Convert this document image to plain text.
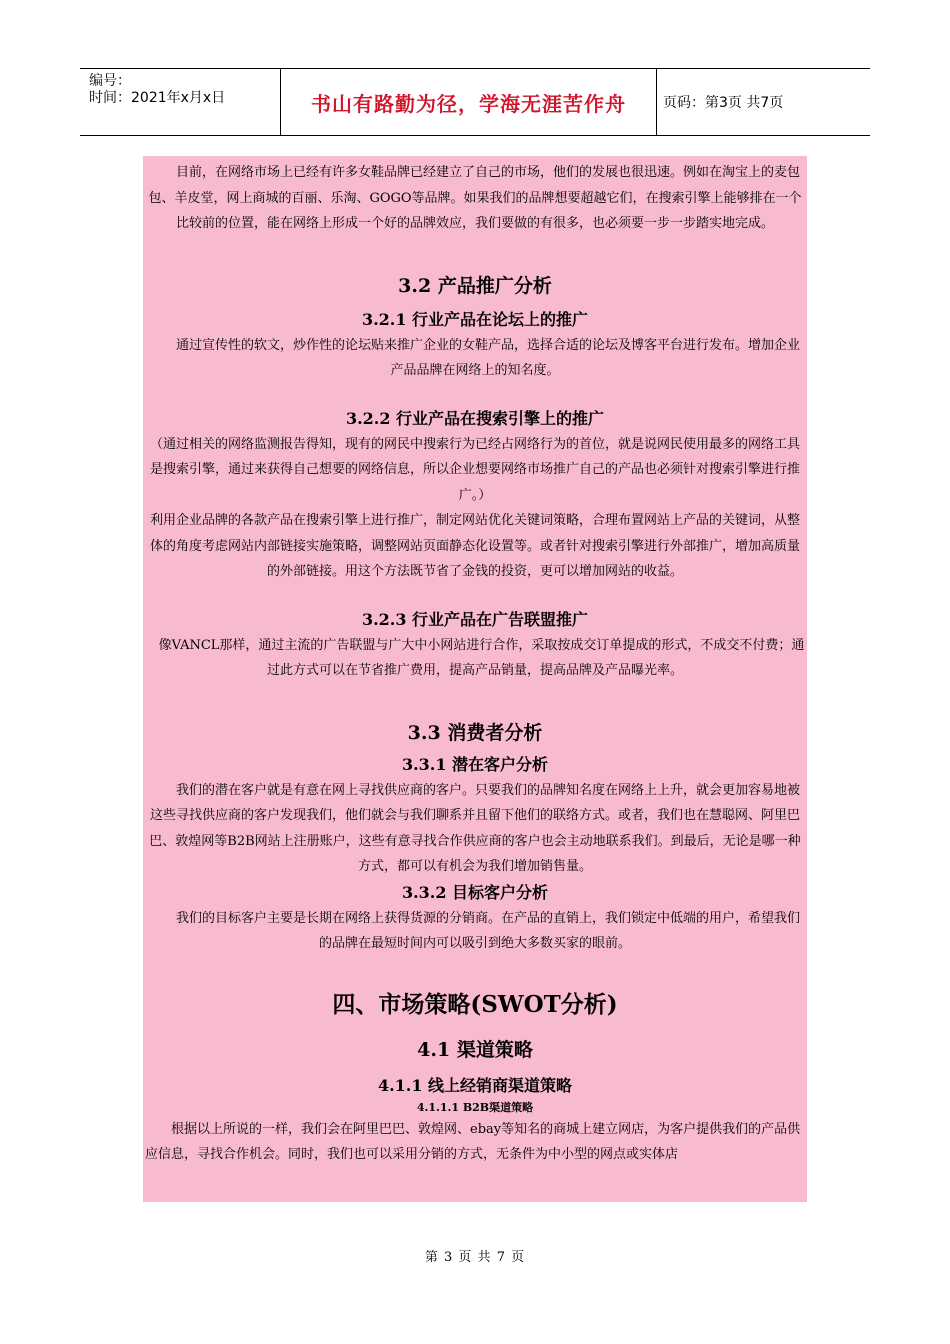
编号：
时间：2021年x月x日	书山有路勤为径，学海无涯苦作舟	页码：第3页 共7页

目前，在网络市场上已经有许多女鞋品牌已经建立了自己的市场，他们的发展也很迅速。例如在淘宝上的麦包包、羊皮堂，网上商城的百丽、乐淘、GOGO等品牌。如果我们的品牌想要超越它们，在搜索引擎上能够排在一个比较前的位置，能在网络上形成一个好的品牌效应，我们要做的有很多，也必须要一步一步踏实地完成。

3.2 产品推广分析
3.2.1 行业产品在论坛上的推广

通过宣传性的软文，炒作性的论坛贴来推广企业的女鞋产品，选择合适的论坛及博客平台进行发布。增加企业产品品牌在网络上的知名度。

3.2.2 行业产品在搜索引擎上的推广

（通过相关的网络监测报告得知，现有的网民中搜索行为已经占网络行为的首位，就是说网民使用最多的网络工具是搜索引擎，通过来获得自己想要的网络信息，所以企业想要网络市场推广自己的产品也必须针对搜索引擎进行推广。）

利用企业品牌的各款产品在搜索引擎上进行推广，制定网站优化关键词策略，合理布置网站上产品的关键词，从整体的角度考虑网站内部链接实施策略，调整网站页面静态化设置等。或者针对搜索引擎进行外部推广，增加高质量的外部链接。用这个方法既节省了金钱的投资，更可以增加网站的收益。

3.2.3 行业产品在广告联盟推广

像VANCL那样，通过主流的广告联盟与广大中小网站进行合作，采取按成交订单提成的形式，不成交不付费；通过此方式可以在节省推广费用，提高产品销量，提高品牌及产品曝光率。

3.3 消费者分析
3.3.1 潜在客户分析

我们的潜在客户就是有意在网上寻找供应商的客户。只要我们的品牌知名度在网络上上升，就会更加容易地被这些寻找供应商的客户发现我们，他们就会与我们聊系并且留下他们的联络方式。或者，我们也在慧聪网、阿里巴巴、敦煌网等B2B网站上注册账户，这些有意寻找合作供应商的客户也会主动地联系我们。到最后，无论是哪一种方式，都可以有机会为我们增加销售量。

3.3.2 目标客户分析

我们的目标客户主要是长期在网络上获得货源的分销商。在产品的直销上，我们锁定中低端的用户，希望我们的品牌在最短时间内可以吸引到绝大多数买家的眼前。

四、市场策略(SWOT分析)
4.1 渠道策略
4.1.1 线上经销商渠道策略
4.1.1.1 B2B渠道策略

根据以上所说的一样，我们会在阿里巴巴、敦煌网、ebay等知名的商城上建立网店，为客户提供我们的产品供应信息，寻找合作机会。同时，我们也可以采用分销的方式，无条件为中小型的网点或实体店

第 3 页 共 7 页
